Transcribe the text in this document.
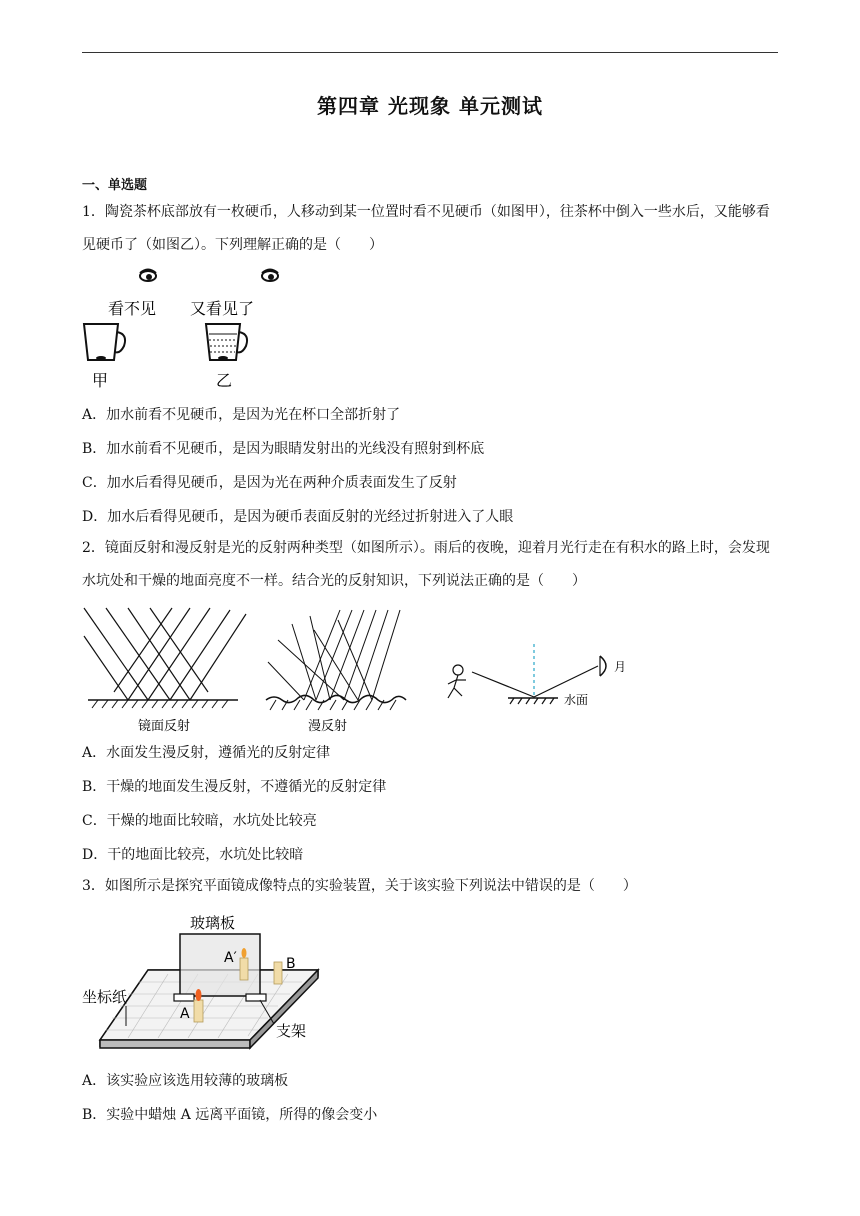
第四章 光现象 单元测试
一、单选题
1．陶瓷茶杯底部放有一枚硬币，人移动到某一位置时看不见硬币（如图甲），往茶杯中倒入一些水后，又能够看见硬币了（如图乙）。下列理解正确的是（　　）
看不见 又看见了
甲	乙
A．加水前看不见硬币，是因为光在杯口全部折射了
B．加水前看不见硬币，是因为眼睛发射出的光线没有照射到杯底
C．加水后看得见硬币，是因为光在两种介质表面发生了反射
D．加水后看得见硬币，是因为硬币表面反射的光经过折射进入了人眼
2．镜面反射和漫反射是光的反射两种类型（如图所示）。雨后的夜晚，迎着月光行走在有积水的路上时，会发现水坑处和干燥的地面亮度不一样。结合光的反射知识，下列说法正确的是（　　）
镜面反射	漫反射
月
水面
A．水面发生漫反射，遵循光的反射定律
B．干燥的地面发生漫反射，不遵循光的反射定律
C．干燥的地面比较暗，水坑处比较亮
D．干的地面比较亮，水坑处比较暗
3．如图所示是探究平面镜成像特点的实验装置，关于该实验下列说法中错误的是（　　）
玻璃板
支架
A′	B
A
坐标纸
A．该实验应该选用较薄的玻璃板
B．实验中蜡烛 A 远离平面镜，所得的像会变小
